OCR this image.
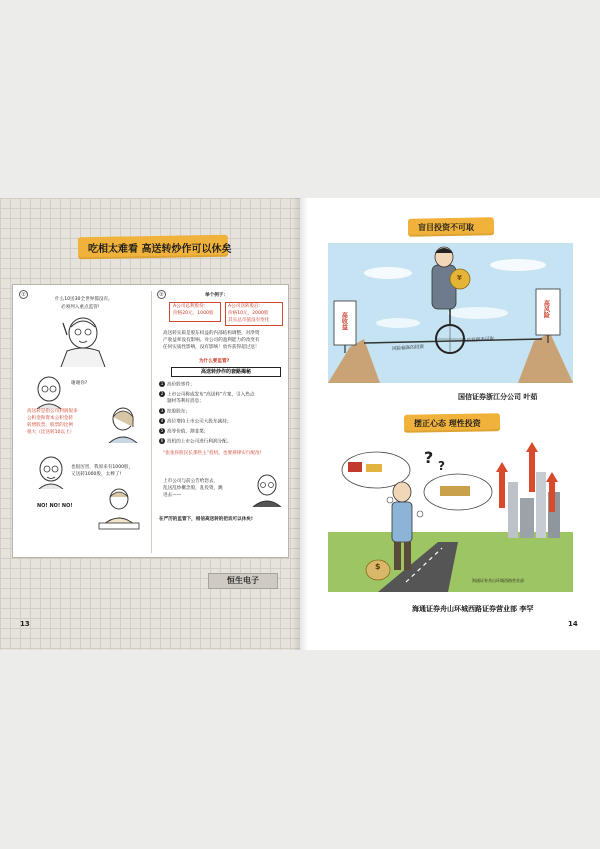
吃相太难看 高送转炒作可以休矣
①
什么10送30全世界都没有。
必须列入重点监管!
谢谢你?
高送转是指公司利润很多
公积金和资本公积金转
转增股票，股票的比例
很大（比送转10以上）
也很厉害，我原来有1000股，
又送转1000股，太棒了!
NO! NO! NO!
②	举个例子：
A公司总利股份：
价格20元，1000股
A公司送转股后：
价格10元，2000股
其实总市值没有变化
高送转实质是股东权益的内部结构调整，对净资
产收益率没有影响。对公司的盈利能力的改变有
任何实质性影响，没有影响！放弃获得超过送！
为什么要监管?
高送转炒作的套路揭秘
1 高价股事件；
2 上市公司称或发布“高送转”方案，引入热点
题材等利好消息；
3 控股股东；
4 高位增持上市公司大股东减持；
5 高等价值，割韭菜；
6 投机的上市公司进行利润分配。
“张张你股民长那些主”投机，也要规律实行配改!
上市公司与前公告给您去，
乱送乱炒概念股，乱投资，跳
进去——
在严厉的监管下，相信高送转的把戏可以休矣!
恒生电子
13
盲目投资不可取
高收益
高风险
风险偏高的投资
盲目投资不可取
¥
国信证券浙江分公司 叶茹
摆正心态 理性投资
? ?
$
海通证券舟山环城西路营业部
海通证券舟山环城西路证券营业部 李罕
14
